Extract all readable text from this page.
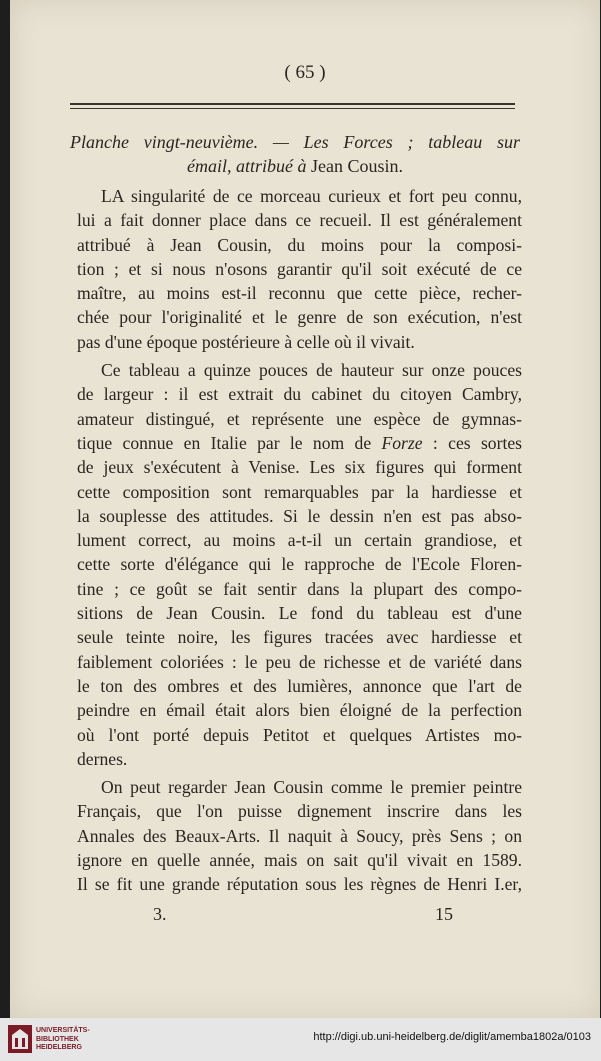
( 65 )
Planche vingt-neuvième. — Les Forces ; tableau sur
émail, attribué à Jean Cousin.
LA singularité de ce morceau curieux et fort peu connu,
lui a fait donner place dans ce recueil. Il est généralement
attribué à Jean Cousin, du moins pour la composi-
tion ; et si nous n'osons garantir qu'il soit exécuté de ce
maître, au moins est-il reconnu que cette pièce, recher-
chée pour l'originalité et le genre de son exécution, n'est
pas d'une époque postérieure à celle où il vivait.
Ce tableau a quinze pouces de hauteur sur onze pouces
de largeur : il est extrait du cabinet du citoyen Cambry,
amateur distingué, et représente une espèce de gymnas-
tique connue en Italie par le nom de Forze : ces sortes
de jeux s'exécutent à Venise. Les six figures qui forment
cette composition sont remarquables par la hardiesse et
la souplesse des attitudes. Si le dessin n'en est pas abso-
lument correct, au moins a-t-il un certain grandiose, et
cette sorte d'élégance qui le rapproche de l'Ecole Floren-
tine ; ce goût se fait sentir dans la plupart des compo-
sitions de Jean Cousin. Le fond du tableau est d'une
seule teinte noire, les figures tracées avec hardiesse et
faiblement coloriées : le peu de richesse et de variété dans
le ton des ombres et des lumières, annonce que l'art de
peindre en émail était alors bien éloigné de la perfection
où l'ont porté depuis Petitot et quelques Artistes mo-
dernes.
On peut regarder Jean Cousin comme le premier peintre
Français, que l'on puisse dignement inscrire dans les
Annales des Beaux-Arts. Il naquit à Soucy, près Sens ; on
ignore en quelle année, mais on sait qu'il vivait en 1589.
Il se fit une grande réputation sous les règnes de Henri I.er,
3.	15
UNIVERSITÄTS-
BIBLIOTHEK
HEIDELBERG
http://digi.ub.uni-heidelberg.de/diglit/amemba1802a/0103
